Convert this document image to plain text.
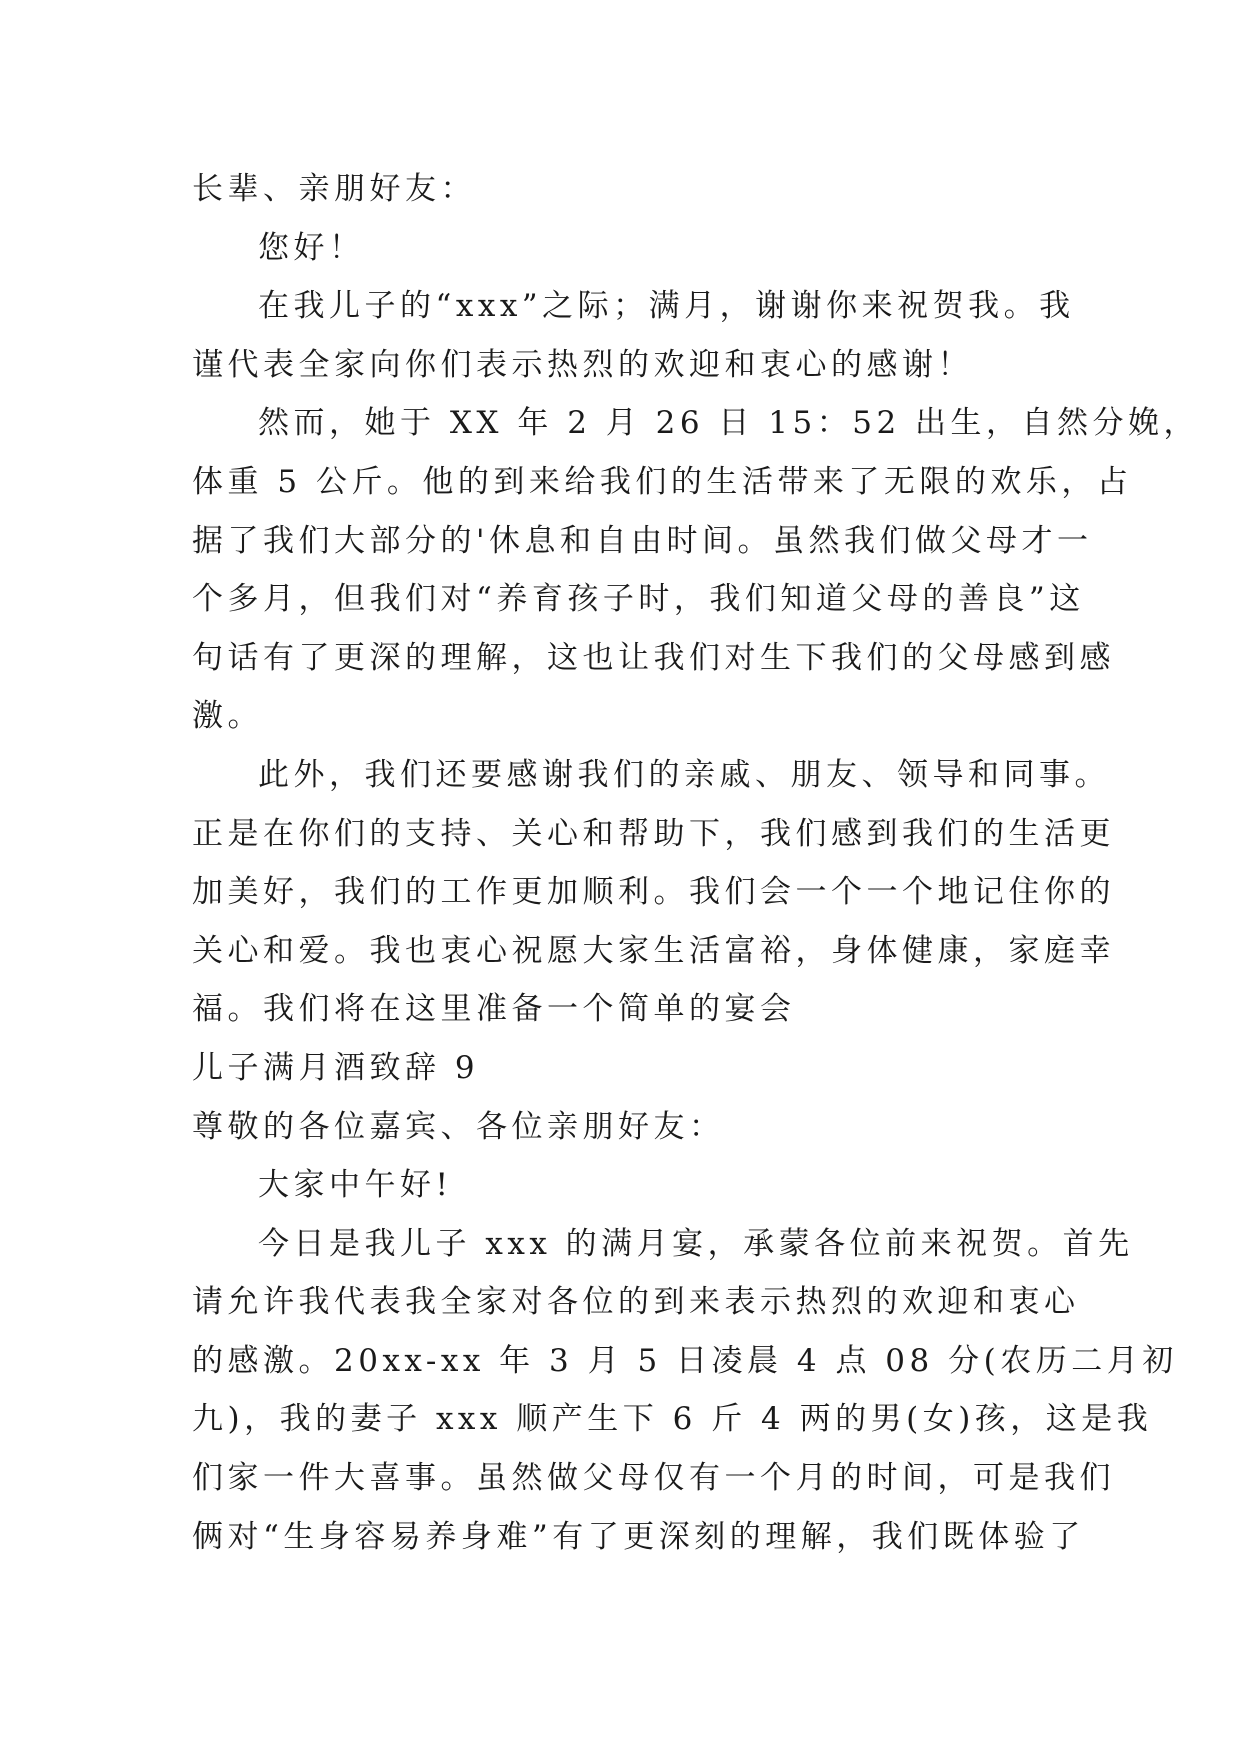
长辈、亲朋好友：
您好！
在我儿子的“xxx”之际；满月，谢谢你来祝贺我。我
谨代表全家向你们表示热烈的欢迎和衷心的感谢！
然而，她于 XX 年 2 月 26 日 15：52 出生，自然分娩，
体重 5 公斤。他的到来给我们的生活带来了无限的欢乐，占
据了我们大部分的'休息和自由时间。虽然我们做父母才一
个多月，但我们对“养育孩子时，我们知道父母的善良”这
句话有了更深的理解，这也让我们对生下我们的父母感到感
激。
此外，我们还要感谢我们的亲戚、朋友、领导和同事。
正是在你们的支持、关心和帮助下，我们感到我们的生活更
加美好，我们的工作更加顺利。我们会一个一个地记住你的
关心和爱。我也衷心祝愿大家生活富裕，身体健康，家庭幸
福。我们将在这里准备一个简单的宴会
儿子满月酒致辞 9
尊敬的各位嘉宾、各位亲朋好友：
大家中午好!
今日是我儿子 xxx 的满月宴，承蒙各位前来祝贺。首先
请允许我代表我全家对各位的到来表示热烈的欢迎和衷心
的感激。20xx-xx 年 3 月 5 日凌晨 4 点 08 分(农历二月初
九)，我的妻子 xxx 顺产生下 6 斤 4 两的男(女)孩，这是我
们家一件大喜事。虽然做父母仅有一个月的时间，可是我们
俩对“生身容易养身难”有了更深刻的理解，我们既体验了
